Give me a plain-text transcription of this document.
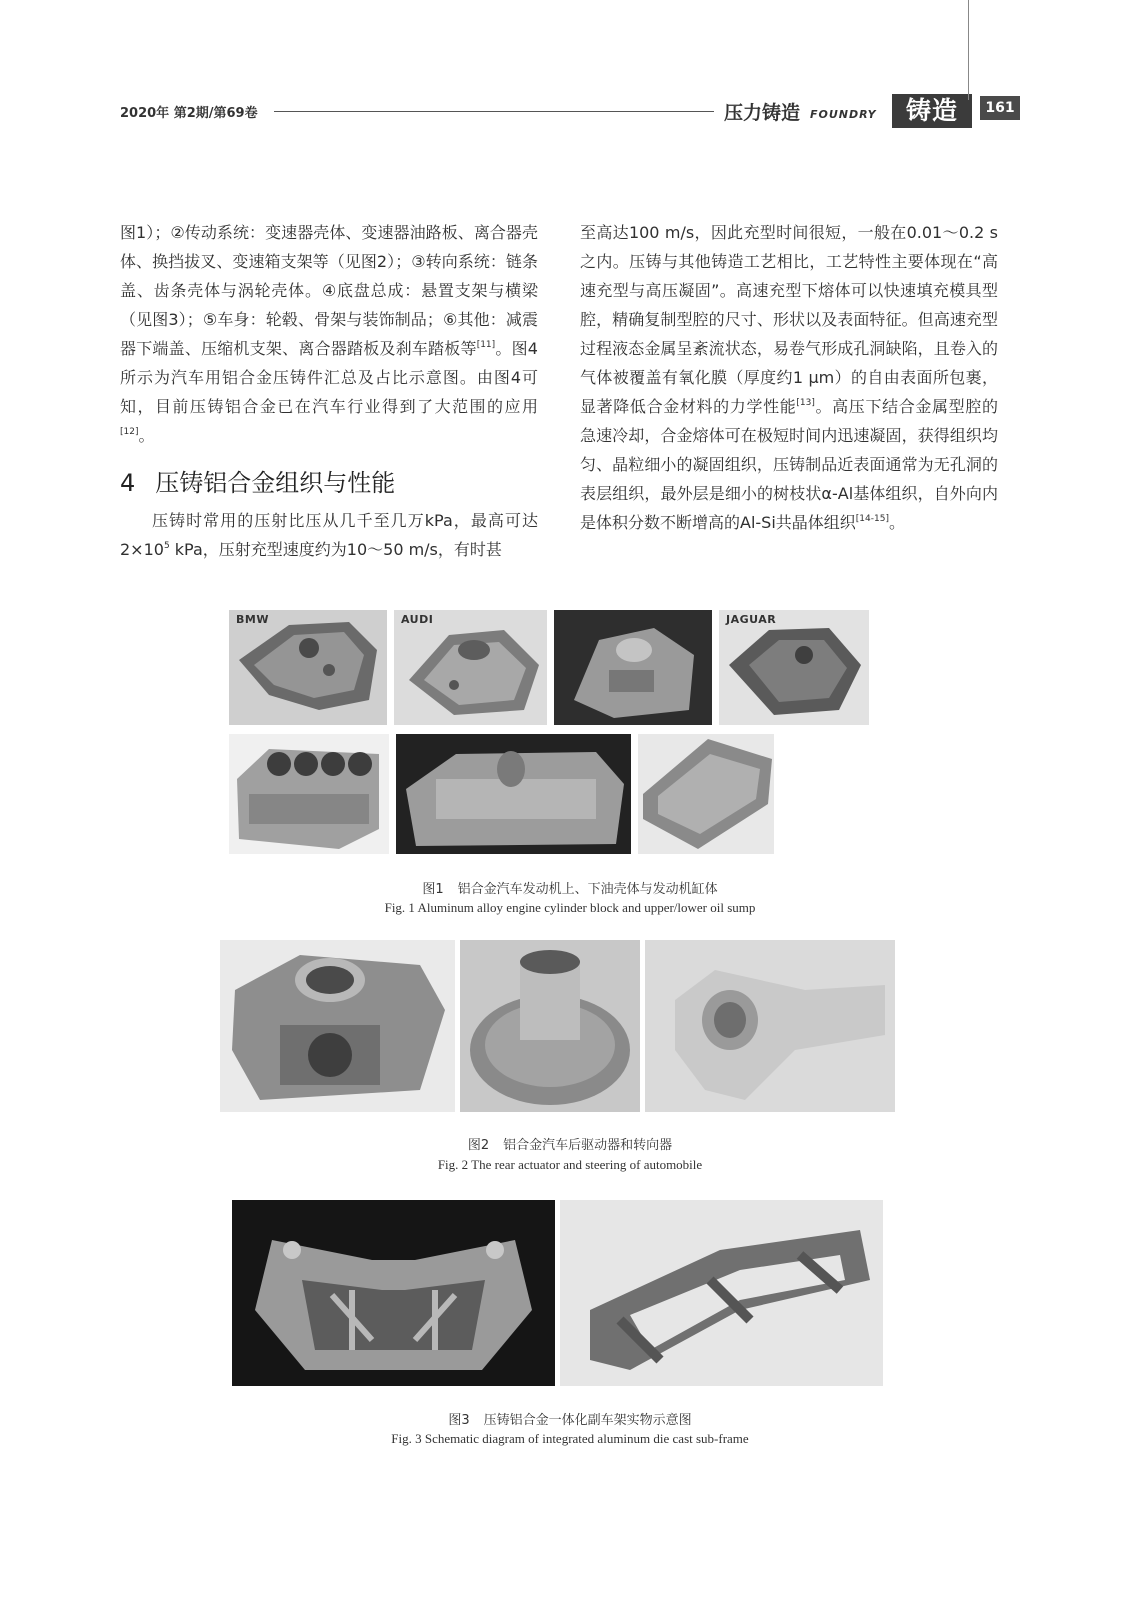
2020年 第2期/第69卷	压力铸造 FOUNDRY	铸造	161

图1）；②传动系统：变速器壳体、变速器油路板、离合器壳体、换挡拔叉、变速箱支架等（见图2）；③转向系统：链条盖、齿条壳体与涡轮壳体。④底盘总成：悬置支架与横梁（见图3）；⑤车身：轮毂、骨架与装饰制品；⑥其他：减震器下端盖、压缩机支架、离合器踏板及刹车踏板等[11]。图4所示为汽车用铝合金压铸件汇总及占比示意图。由图4可知，目前压铸铝合金已在汽车行业得到了大范围的应用[12]。

4 压铸铝合金组织与性能

压铸时常用的压射比压从几千至几万kPa，最高可达$2\times 10^5$ kPa，压射充型速度约为10～50 m/s，有时甚

至高达100 m/s，因此充型时间很短，一般在0.01～0.2 s之内。压铸与其他铸造工艺相比，工艺特性主要体现在“高速充型与高压凝固”。高速充型下熔体可以快速填充模具型腔，精确复制型腔的尺寸、形状以及表面特征。但高速充型过程液态金属呈紊流状态，易卷气形成孔洞缺陷，且卷入的气体被覆盖有氧化膜（厚度约1 μm）的自由表面所包裹，显著降低合金材料的力学性能[13]。高压下结合金属型腔的急速冷却，合金熔体可在极短时间内迅速凝固，获得组织均匀、晶粒细小的凝固组织，压铸制品近表面通常为无孔洞的表层组织，最外层是细小的树枝状α-Al基体组织，自外向内是体积分数不断增高的Al-Si共晶体组织[14-15]。

BMW	AUDI	JAGUAR
图1 铝合金汽车发动机上、下油壳体与发动机缸体
Fig. 1 Aluminum alloy engine cylinder block and upper/lower oil sump
图2 铝合金汽车后驱动器和转向器
Fig. 2 The rear actuator and steering of automobile
图3 压铸铝合金一体化副车架实物示意图
Fig. 3 Schematic diagram of integrated aluminum die cast sub-frame
